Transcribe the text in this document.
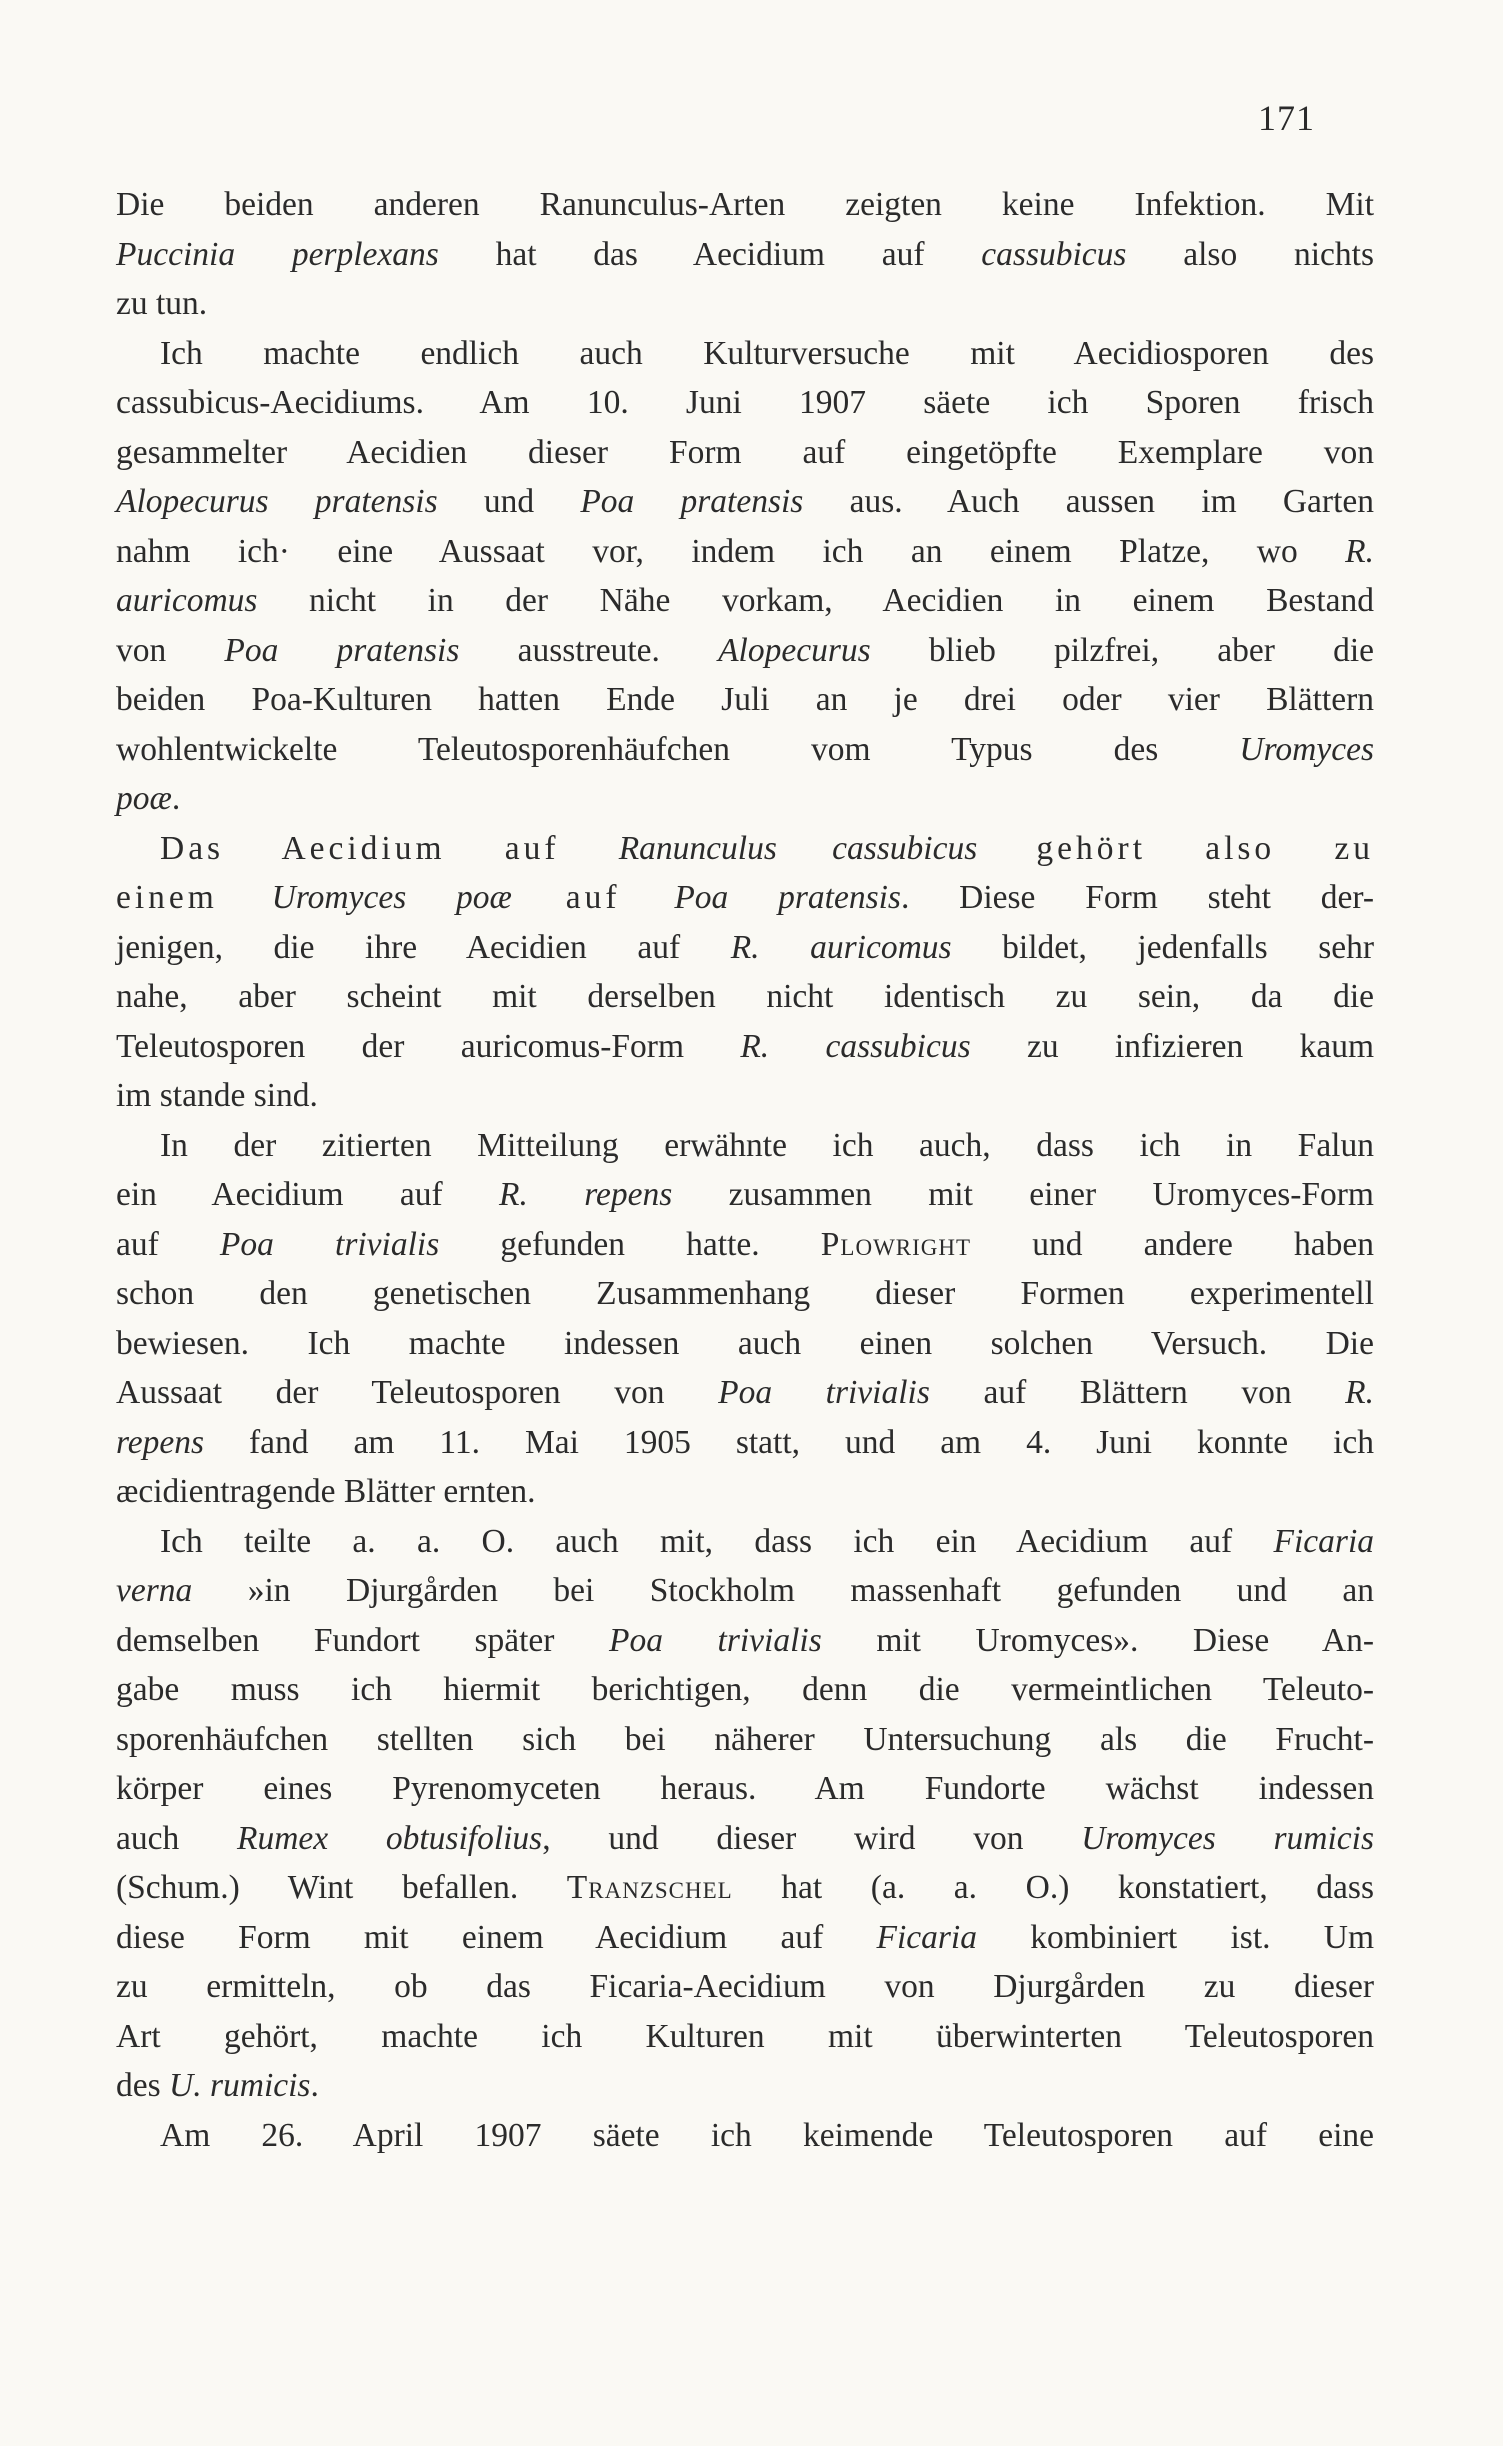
171
Die beiden anderen Ranunculus-Arten zeigten keine Infektion. Mit
Puccinia perplexans hat das Aecidium auf cassubicus also nichts
zu tun.
Ich machte endlich auch Kulturversuche mit Aecidiosporen des
cassubicus-Aecidiums. Am 10. Juni 1907 säete ich Sporen frisch
gesammelter Aecidien dieser Form auf eingetöpfte Exemplare von
Alopecurus pratensis und Poa pratensis aus. Auch aussen im Garten
nahm ich· eine Aussaat vor, indem ich an einem Platze, wo R.
auricomus nicht in der Nähe vorkam, Aecidien in einem Bestand
von Poa pratensis ausstreute. Alopecurus blieb pilzfrei, aber die
beiden Poa-Kulturen hatten Ende Juli an je drei oder vier Blättern
wohlentwickelte Teleutosporenhäufchen vom Typus des Uromyces
poæ.
Das Aecidium auf Ranunculus cassubicus gehört also zu
einem Uromyces poæ auf Poa pratensis. Diese Form steht der-
jenigen, die ihre Aecidien auf R. auricomus bildet, jedenfalls sehr
nahe, aber scheint mit derselben nicht identisch zu sein, da die
Teleutosporen der auricomus-Form R. cassubicus zu infizieren kaum
im stande sind.
In der zitierten Mitteilung erwähnte ich auch, dass ich in Falun
ein Aecidium auf R. repens zusammen mit einer Uromyces-Form
auf Poa trivialis gefunden hatte. Plowright und andere haben
schon den genetischen Zusammenhang dieser Formen experimentell
bewiesen. Ich machte indessen auch einen solchen Versuch. Die
Aussaat der Teleutosporen von Poa trivialis auf Blättern von R.
repens fand am 11. Mai 1905 statt, und am 4. Juni konnte ich
æcidientragende Blätter ernten.
Ich teilte a. a. O. auch mit, dass ich ein Aecidium auf Ficaria
verna »in Djurgården bei Stockholm massenhaft gefunden und an
demselben Fundort später Poa trivialis mit Uromyces». Diese An-
gabe muss ich hiermit berichtigen, denn die vermeintlichen Teleuto-
sporenhäufchen stellten sich bei näherer Untersuchung als die Frucht-
körper eines Pyrenomyceten heraus. Am Fundorte wächst indessen
auch Rumex obtusifolius, und dieser wird von Uromyces rumicis
(Schum.) Wint befallen. Tranzschel hat (a. a. O.) konstatiert, dass
diese Form mit einem Aecidium auf Ficaria kombiniert ist. Um
zu ermitteln, ob das Ficaria-Aecidium von Djurgården zu dieser
Art gehört, machte ich Kulturen mit überwinterten Teleutosporen
des U. rumicis.
Am 26. April 1907 säete ich keimende Teleutosporen auf eine
